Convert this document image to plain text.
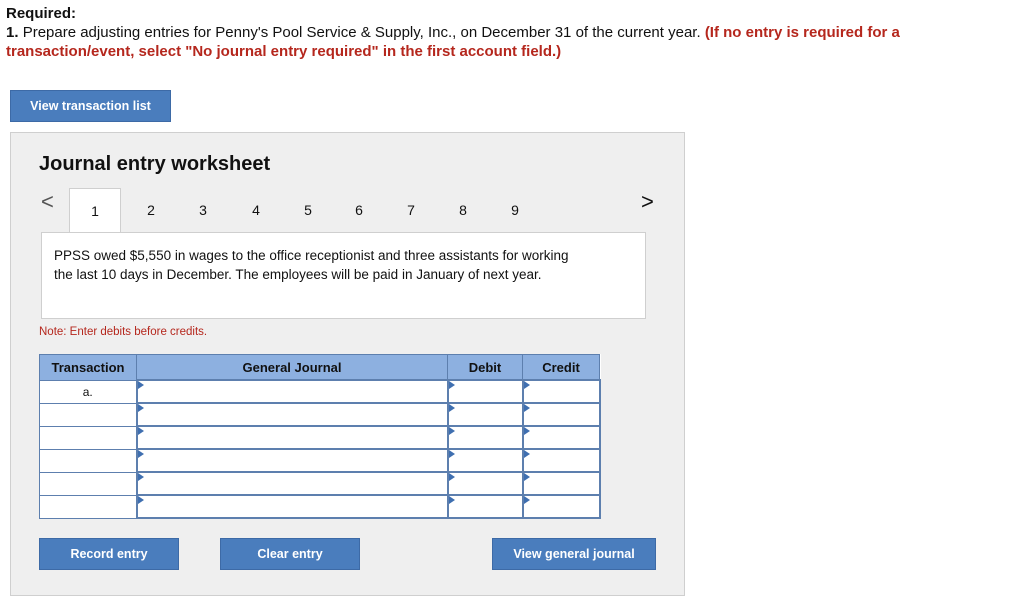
Required:
1. Prepare adjusting entries for Penny's Pool Service & Supply, Inc., on December 31 of the current year. (If no entry is required for a transaction/event, select "No journal entry required" in the first account field.)
View transaction list
Journal entry worksheet
<	>
1	2	3	4	5	6	7	8	9
PPSS owed $5,550 in wages to the office receptionist and three assistants for working the last 10 days in December. The employees will be paid in January of next year.
Note: Enter debits before credits.
Transaction	General Journal	Debit	Credit
a.	

Record entry	Clear entry	View general journal
